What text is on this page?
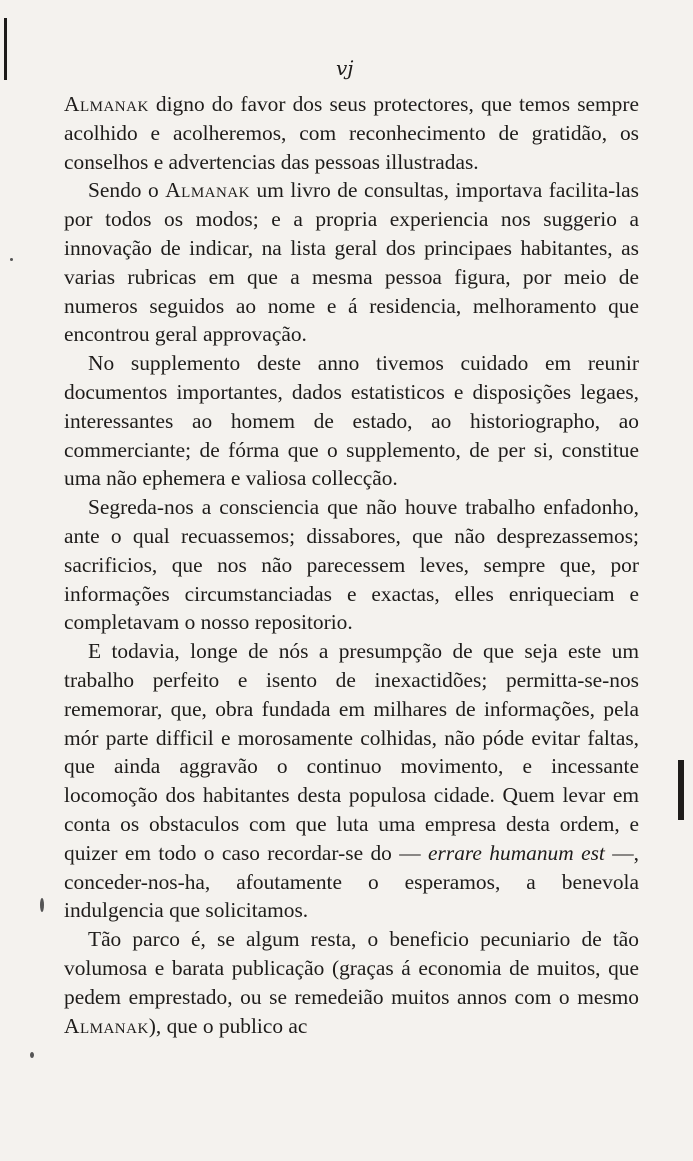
vj

Almanak digno do favor dos seus protectores, que temos sempre acolhido e acolheremos, com reconhecimento de gratidão, os conselhos e advertencias das pessoas illustradas.

Sendo o Almanak um livro de consultas, importava facilita-las por todos os modos; e a propria experiencia nos suggerio a innovação de indicar, na lista geral dos principaes habitantes, as varias rubricas em que a mesma pessoa figura, por meio de numeros seguidos ao nome e á residencia, melhoramento que encontrou geral approvação.

No supplemento deste anno tivemos cuidado em reunir documentos importantes, dados estatisticos e disposições legaes, interessantes ao homem de estado, ao historiographo, ao commerciante; de fórma que o supplemento, de per si, constitue uma não ephemera e valiosa collecção.

Segreda-nos a consciencia que não houve trabalho enfadonho, ante o qual recuassemos; dissabores, que não desprezassemos; sacrificios, que nos não parecessem leves, sempre que, por informações circumstanciadas e exactas, elles enriqueciam e completavam o nosso repositorio.

E todavia, longe de nós a presumpção de que seja este um trabalho perfeito e isento de inexactidões; permitta-se-nos rememorar, que, obra fundada em milhares de informações, pela mór parte difficil e morosamente colhidas, não póde evitar faltas, que ainda aggravão o continuo movimento, e incessante locomoção dos habitantes desta populosa cidade. Quem levar em conta os obstaculos com que luta uma empresa desta ordem, e quizer em todo o caso recordar-se do — errare humanum est —, conceder-nos-ha, afoutamente o esperamos, a benevola indulgencia que solicitamos.

Tão parco é, se algum resta, o beneficio pecuniario de tão volumosa e barata publicação (graças á economia de muitos, que pedem emprestado, ou se remedeião muitos annos com o mesmo Almanak), que o publico ac
